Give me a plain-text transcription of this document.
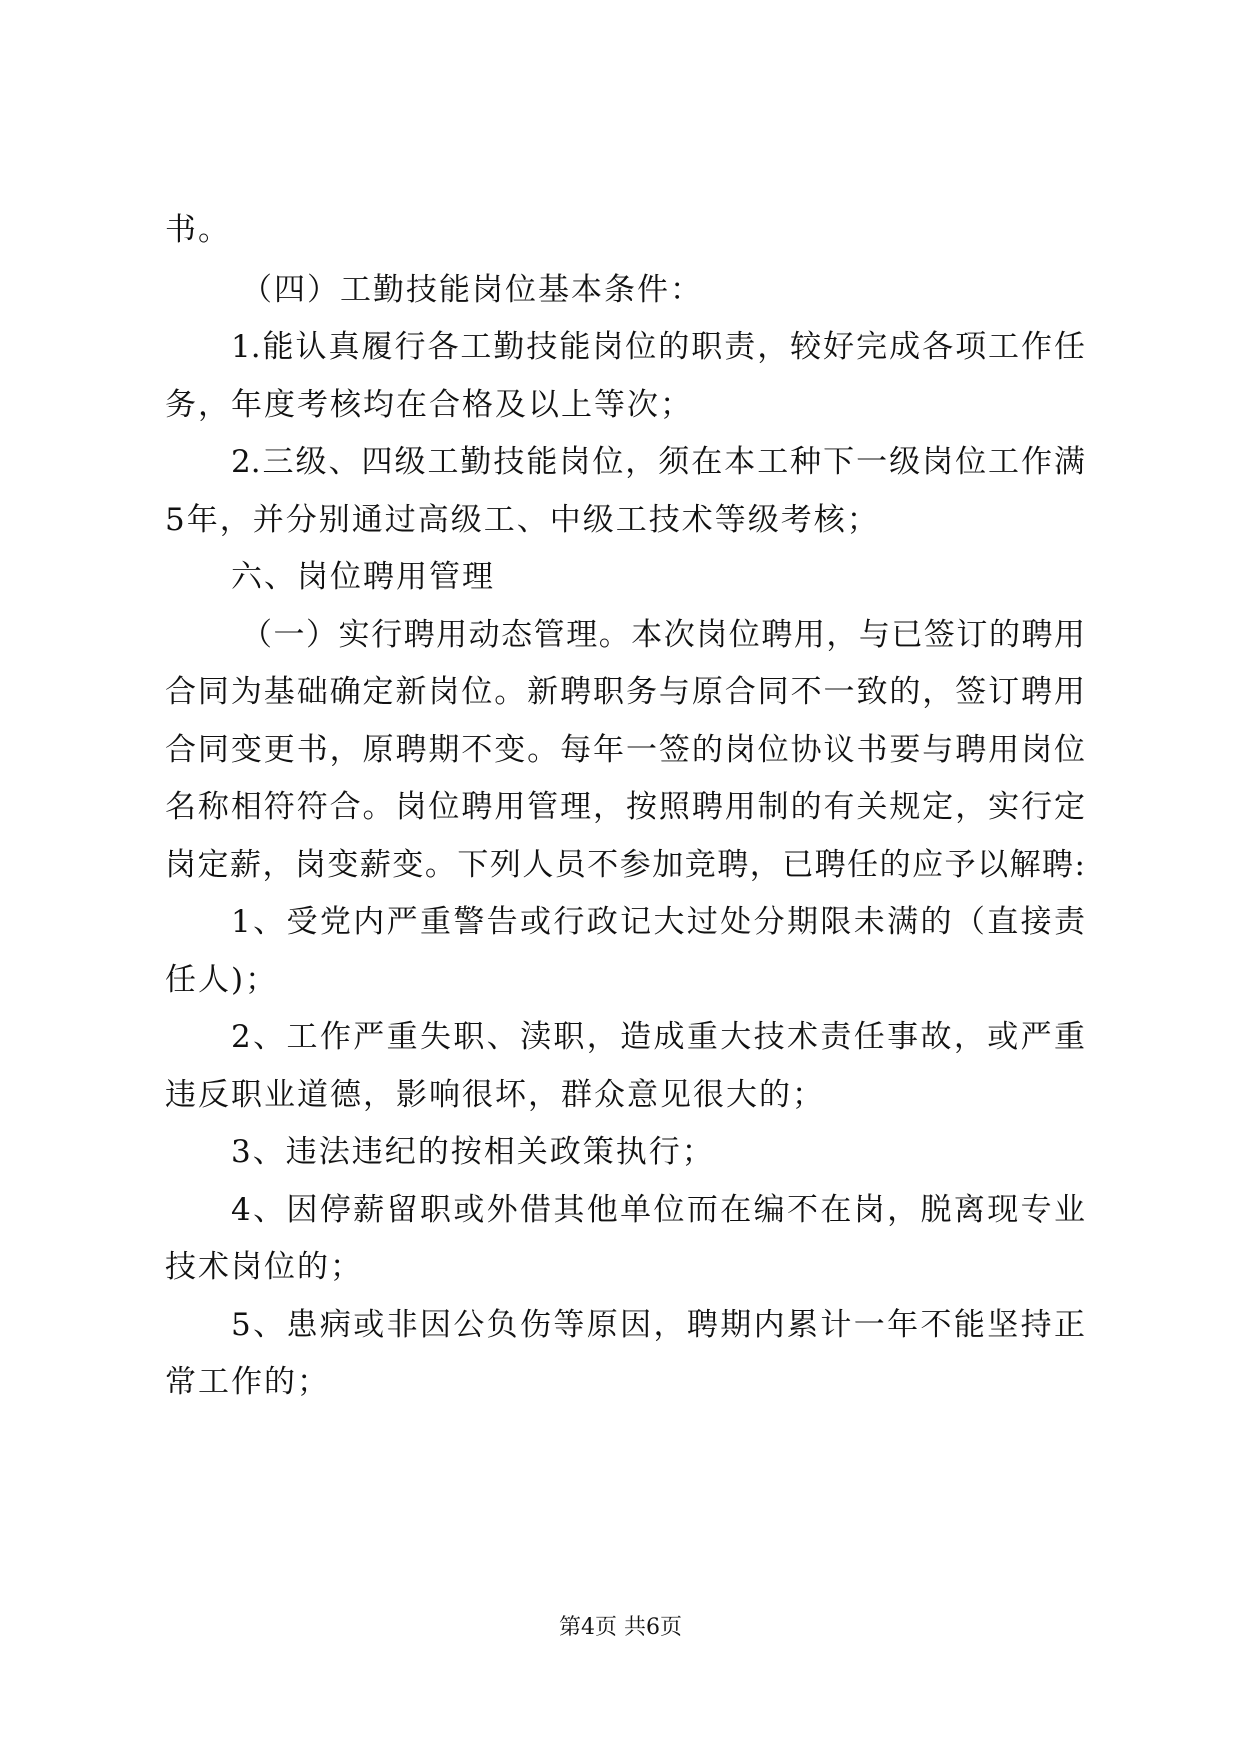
书。
（四）工勤技能岗位基本条件：
1.能认真履行各工勤技能岗位的职责，较好完成各项工作任
务，年度考核均在合格及以上等次；
2.三级、四级工勤技能岗位，须在本工种下一级岗位工作满
5年，并分别通过高级工、中级工技术等级考核；
六、岗位聘用管理
（一）实行聘用动态管理。本次岗位聘用，与已签订的聘用
合同为基础确定新岗位。新聘职务与原合同不一致的，签订聘用
合同变更书，原聘期不变。每年一签的岗位协议书要与聘用岗位
名称相符符合。岗位聘用管理，按照聘用制的有关规定，实行定
岗定薪，岗变薪变。下列人员不参加竞聘，已聘任的应予以解聘:
1、受党内严重警告或行政记大过处分期限未满的（直接责
任人)；
2、工作严重失职、渎职，造成重大技术责任事故，或严重
违反职业道德，影响很坏，群众意见很大的；
3、违法违纪的按相关政策执行；
4、因停薪留职或外借其他单位而在编不在岗，脱离现专业
技术岗位的；
5、患病或非因公负伤等原因，聘期内累计一年不能坚持正
常工作的；
第4页 共6页
